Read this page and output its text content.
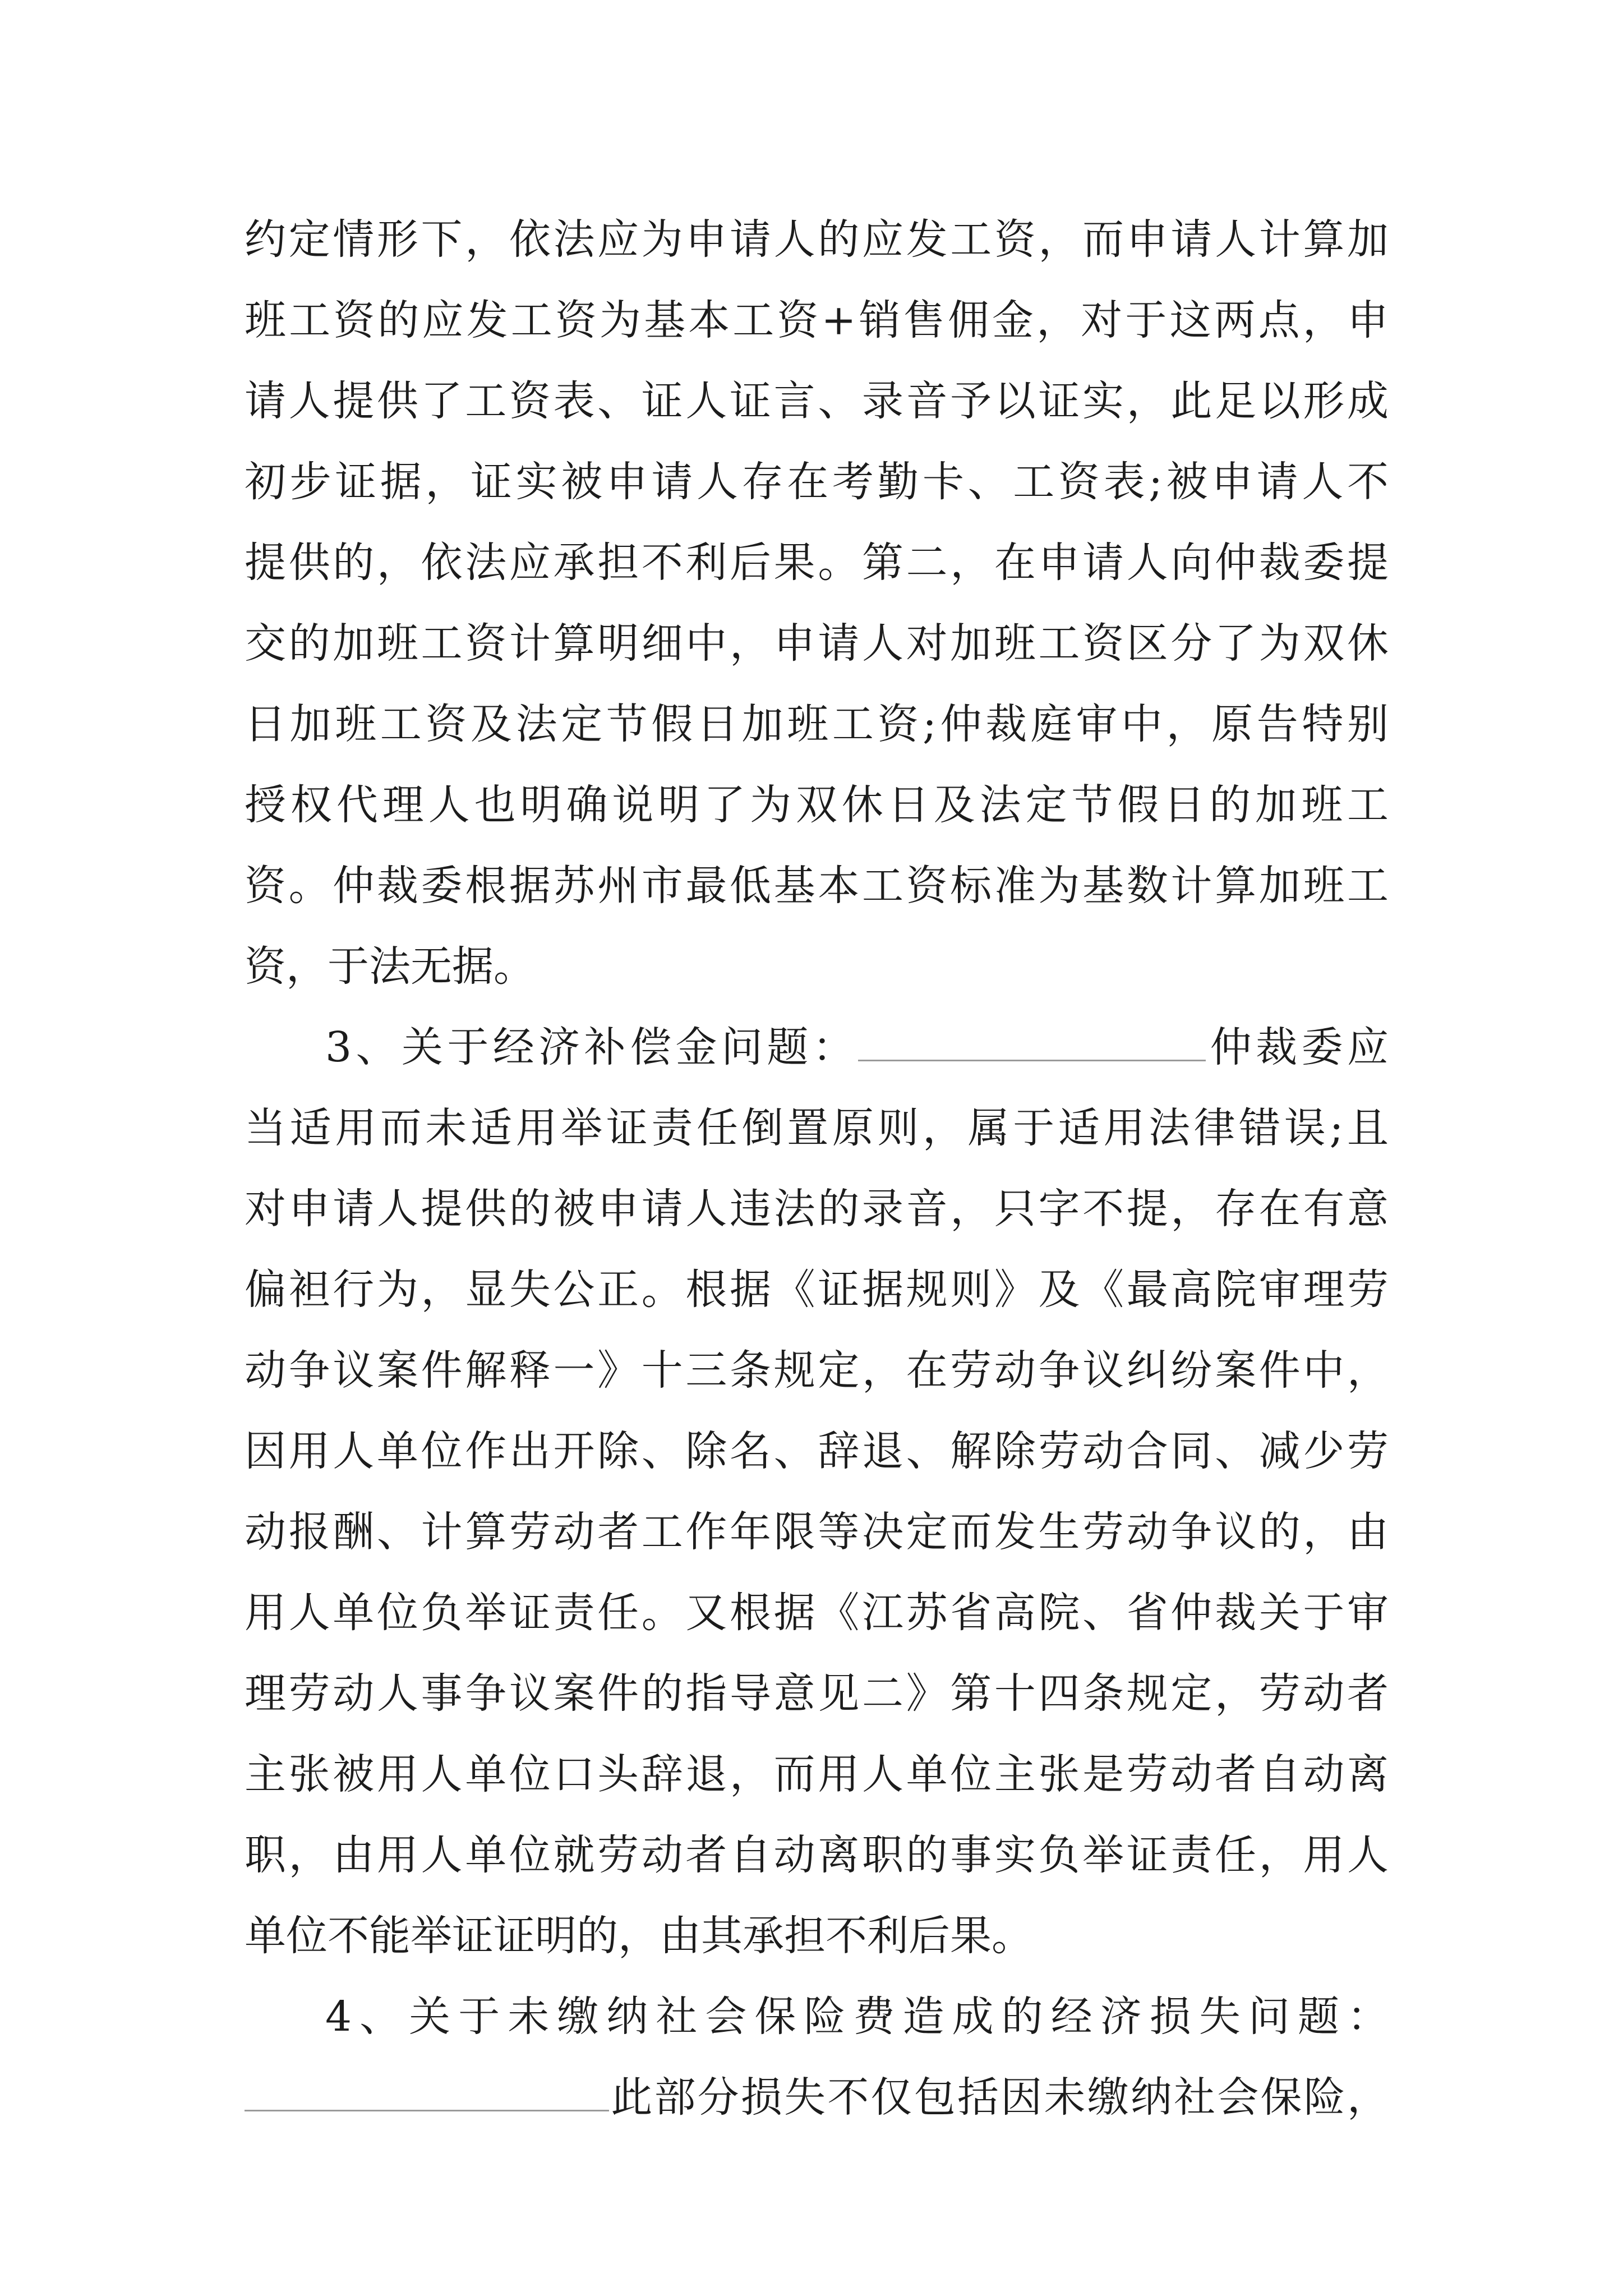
约定情形下，依法应为申请人的应发工资，而申请人计算加
班工资的应发工资为基本工资+销售佣金，对于这两点，申
请人提供了工资表、证人证言、录音予以证实，此足以形成
初步证据，证实被申请人存在考勤卡、工资表;被申请人不
提供的，依法应承担不利后果。第二，在申请人向仲裁委提
交的加班工资计算明细中，申请人对加班工资区分了为双休
日加班工资及法定节假日加班工资;仲裁庭审中，原告特别
授权代理人也明确说明了为双休日及法定节假日的加班工
资。仲裁委根据苏州市最低基本工资标准为基数计算加班工
资，于法无据。
3、关于经济补偿金问题：	仲裁委应
当适用而未适用举证责任倒置原则，属于适用法律错误;且
对申请人提供的被申请人违法的录音，只字不提，存在有意
偏袒行为，显失公正。根据《证据规则》及《最高院审理劳
动争议案件解释一》十三条规定，在劳动争议纠纷案件中，
因用人单位作出开除、除名、辞退、解除劳动合同、减少劳
动报酬、计算劳动者工作年限等决定而发生劳动争议的，由
用人单位负举证责任。又根据《江苏省高院、省仲裁关于审
理劳动人事争议案件的指导意见二》第十四条规定，劳动者
主张被用人单位口头辞退，而用人单位主张是劳动者自动离
职，由用人单位就劳动者自动离职的事实负举证责任，用人
单位不能举证证明的，由其承担不利后果。
4、关于未缴纳社会保险费造成的经济损失问题：
此部分损失不仅包括因未缴纳社会保险，
